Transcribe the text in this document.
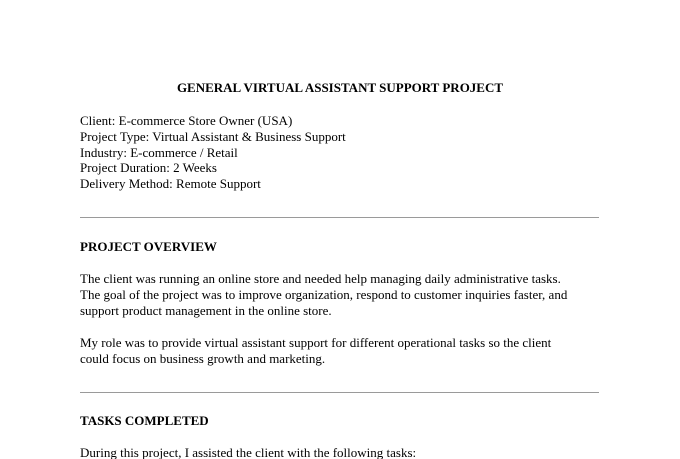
GENERAL VIRTUAL ASSISTANT SUPPORT PROJECT
Client: E-commerce Store Owner (USA)
Project Type: Virtual Assistant & Business Support
Industry: E-commerce / Retail
Project Duration: 2 Weeks
Delivery Method: Remote Support
PROJECT OVERVIEW
The client was running an online store and needed help managing daily administrative tasks.
The goal of the project was to improve organization, respond to customer inquiries faster, and
support product management in the online store.
My role was to provide virtual assistant support for different operational tasks so the client
could focus on business growth and marketing.
TASKS COMPLETED
During this project, I assisted the client with the following tasks:
